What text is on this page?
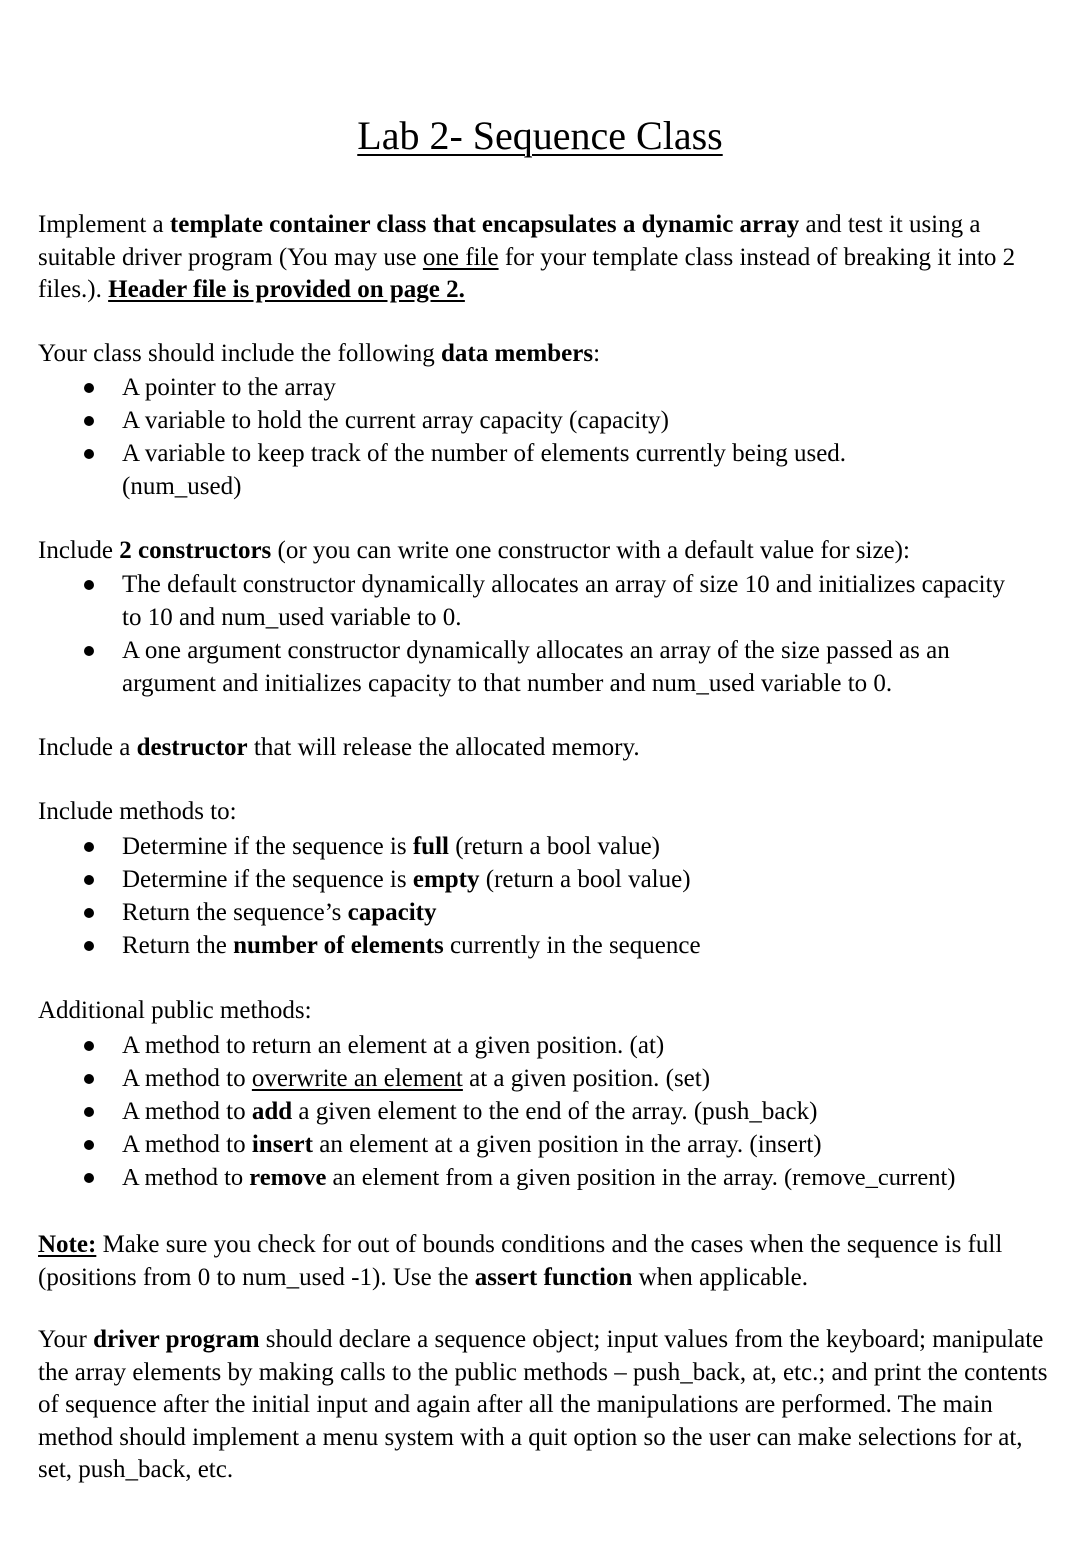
Lab 2- Sequence Class

Implement a template container class that encapsulates a dynamic array and test it using a suitable driver program (You may use one file for your template class instead of breaking it into 2 files.). Header file is provided on page 2.

Your class should include the following data members:

A pointer to the array
A variable to hold the current array capacity (capacity)
A variable to keep track of the number of elements currently being used. (num_used)

Include 2 constructors (or you can write one constructor with a default value for size):

The default constructor dynamically allocates an array of size 10 and initializes capacity to 10 and num_used variable to 0.
A one argument constructor dynamically allocates an array of the size passed as an argument and initializes capacity to that number and num_used variable to 0.

Include a destructor that will release the allocated memory.

Include methods to:

Determine if the sequence is full (return a bool value)
Determine if the sequence is empty (return a bool value)
Return the sequence’s capacity
Return the number of elements currently in the sequence

Additional public methods:

A method to return an element at a given position. (at)
A method to overwrite an element at a given position. (set)
A method to add a given element to the end of the array. (push_back)
A method to insert an element at a given position in the array. (insert)
A method to remove an element from a given position in the array. (remove_current)

Note: Make sure you check for out of bounds conditions and the cases when the sequence is full (positions from 0 to num_used -1). Use the assert function when applicable.

Your driver program should declare a sequence object; input values from the keyboard; manipulate the array elements by making calls to the public methods – push_back, at, etc.; and print the contents of sequence after the initial input and again after all the manipulations are performed. The main method should implement a menu system with a quit option so the user can make selections for at, set, push_back, etc.
